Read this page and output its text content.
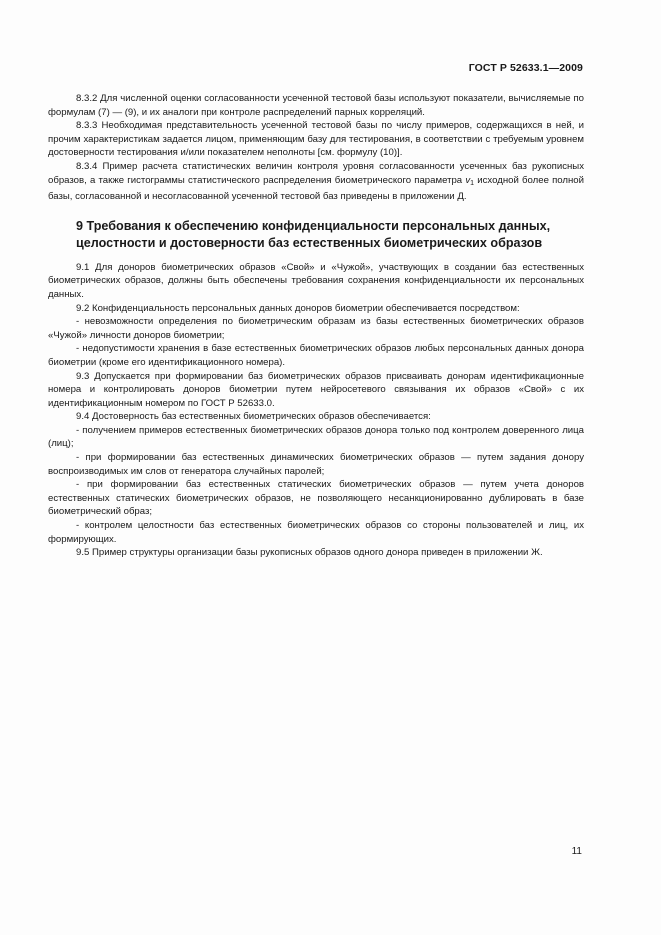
ГОСТ Р 52633.1—2009

8.3.2 Для численной оценки согласованности усеченной тестовой базы используют показатели, вычисляемые по формулам (7) — (9), и их аналоги при контроле распределений парных корреляций.

8.3.3 Необходимая представительность усеченной тестовой базы по числу примеров, содержащихся в ней, и прочим характеристикам задается лицом, применяющим базу для тестирования, в соответствии с требуемым уровнем достоверности тестирования и/или показателем неполноты [см. формулу (10)].

8.3.4 Пример расчета статистических величин контроля уровня согласованности усеченных баз рукописных образов, а также гистограммы статистического распределения биометрического параметра $v_1$ исходной более полной базы, согласованной и несогласованной усеченной тестовой баз приведены в приложении Д.

9 Требования к обеспечению конфиденциальности персональных данных, целостности и достоверности баз естественных биометрических образов

9.1 Для доноров биометрических образов «Свой» и «Чужой», участвующих в создании баз естественных биометрических образов, должны быть обеспечены требования сохранения конфиденциальности их персональных данных.

9.2 Конфиденциальность персональных данных доноров биометрии обеспечивается посредством:

- невозможности определения по биометрическим образам из базы естественных биометрических образов «Чужой» личности доноров биометрии;

- недопустимости хранения в базе естественных биометрических образов любых персональных данных донора биометрии (кроме его идентификационного номера).

9.3 Допускается при формировании баз биометрических образов присваивать донорам идентификационные номера и контролировать доноров биометрии путем нейросетевого связывания их образов «Свой» с их идентификационным номером по ГОСТ Р 52633.0.

9.4 Достоверность баз естественных биометрических образов обеспечивается:

- получением примеров естественных биометрических образов донора только под контролем доверенного лица (лиц);

- при формировании баз естественных динамических биометрических образов — путем задания донору воспроизводимых им слов от генератора случайных паролей;

- при формировании баз естественных статических биометрических образов — путем учета доноров естественных статических биометрических образов, не позволяющего несанкционированно дублировать в базе биометрический образ;

- контролем целостности баз естественных биометрических образов со стороны пользователей и лиц, их формирующих.

9.5 Пример структуры организации базы рукописных образов одного донора приведен в приложении Ж.

11
